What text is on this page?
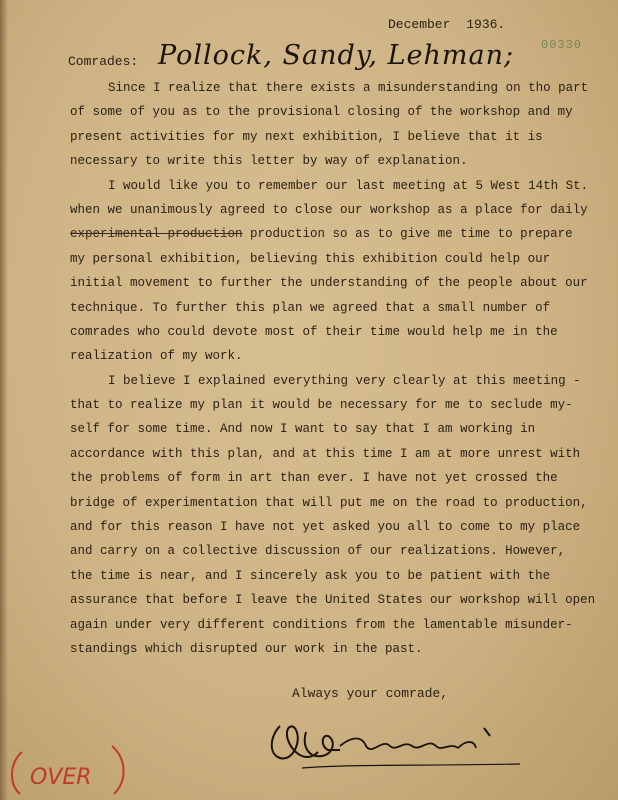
December 1936.
00330
Comrades: Pollock, Sandy, Lehman;
Since I realize that there exists a misunderstanding on tho part
of some of you as to the provisional closing of the workshop and my
present activities for my next exhibition, I believe that it is
necessary to write this letter by way of explanation.
I would like you to remember our last meeting at 5 West 14th St.
when we unanimously agreed to close our workshop as a place for daily
experimental production production so as to give me time to prepare
my personal exhibition, believing this exhibition could help our
initial movement to further the understanding of the people about our
technique. To further this plan we agreed that a small number of
comrades who could devote most of their time would help me in the
realization of my work.
I believe I explained everything very clearly at this meeting -
that to realize my plan it would be necessary for me to seclude my-
self for some time. And now I want to say that I am working in
accordance with this plan, and at this time I am at more unrest with
the problems of form in art than ever. I have not yet crossed the
bridge of experimentation that will put me on the road to production,
and for this reason I have not yet asked you all to come to my place
and carry on a collective discussion of our realizations. However,
the time is near, and I sincerely ask you to be patient with the
assurance that before I leave the United States our workshop will open
again under very different conditions from the lamentable misunder-
standings which disrupted our work in the past.
Always your comrade,
OVER
